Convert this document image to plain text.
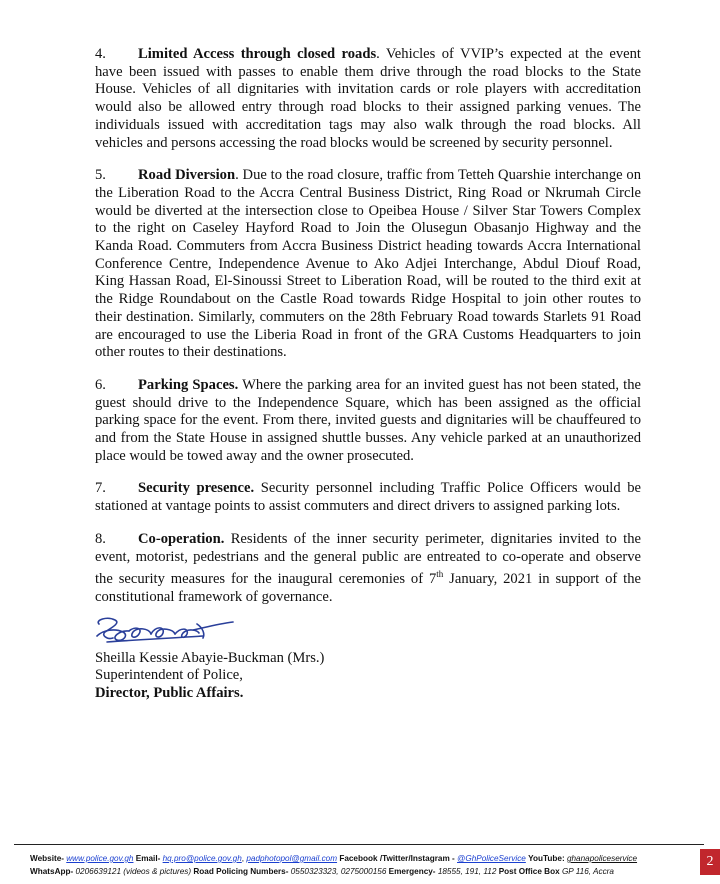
4. Limited Access through closed roads. Vehicles of VVIP’s expected at the event have been issued with passes to enable them drive through the road blocks to the State House. Vehicles of all dignitaries with invitation cards or role players with accreditation would also be allowed entry through road blocks to their assigned parking venues. The individuals issued with accreditation tags may also walk through the road blocks. All vehicles and persons accessing the road blocks would be screened by security personnel.

5. Road Diversion. Due to the road closure, traffic from Tetteh Quarshie interchange on the Liberation Road to the Accra Central Business District, Ring Road or Nkrumah Circle would be diverted at the intersection close to Opeibea House / Silver Star Towers Complex to the right on Caseley Hayford Road to Join the Olusegun Obasanjo Highway and the Kanda Road. Commuters from Accra Business District heading towards Accra International Conference Centre, Independence Avenue to Ako Adjei Interchange, Abdul Diouf Road, King Hassan Road, El-Sinoussi Street to Liberation Road, will be routed to the third exit at the Ridge Roundabout on the Castle Road towards Ridge Hospital to join other routes to their destination. Similarly, commuters on the 28th February Road towards Starlets 91 Road are encouraged to use the Liberia Road in front of the GRA Customs Headquarters to join other routes to their destinations.

6. Parking Spaces. Where the parking area for an invited guest has not been stated, the guest should drive to the Independence Square, which has been assigned as the official parking space for the event. From there, invited guests and dignitaries will be chauffeured to and from the State House in assigned shuttle busses. Any vehicle parked at an unauthorized place would be towed away and the owner prosecuted.

7. Security presence. Security personnel including Traffic Police Officers would be stationed at vantage points to assist commuters and direct drivers to assigned parking lots.

8. Co-operation. Residents of the inner security perimeter, dignitaries invited to the event, motorist, pedestrians and the general public are entreated to co-operate and observe the security measures for the inaugural ceremonies of 7th January, 2021 in support of the constitutional framework of governance.

Sheilla Kessie Abayie-Buckman (Mrs.)
Superintendent of Police,
Director, Public Affairs.
Website- www.police.gov.gh Email- hq.pro@police.gov.gh, padphotopol@gmail.com Facebook /Twitter/Instagram - @GhPoliceService YouTube: ghanapoliceservice
WhatsApp- 0206639121 (videos & pictures) Road Policing Numbers- 0550323323, 0275000156 Emergency- 18555, 191, 112 Post Office Box GP 116, Accra
2
